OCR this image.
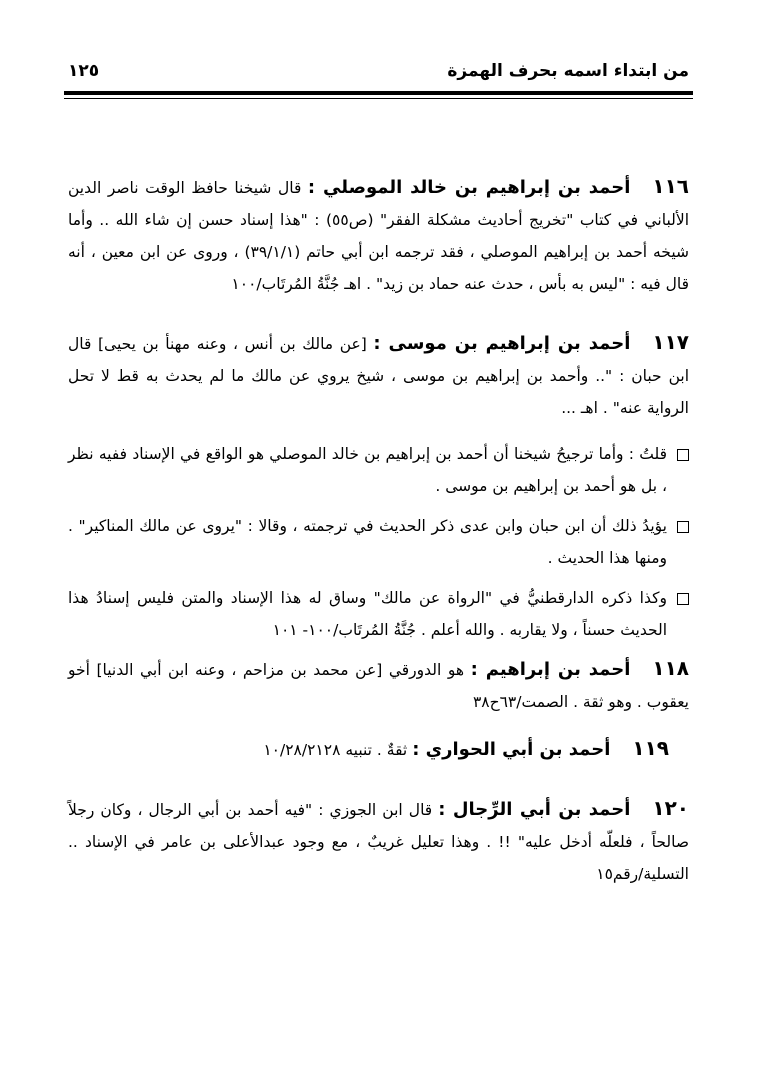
من ابتداء اسمه بحرف الهمزة
١٢٥

١١٦أحمد بن إبراهيم بن خالد الموصلي : قال شيخنا حافظ الوقت ناصر الدين الألباني في كتاب "تخريج أحاديث مشكلة الفقر" (ص٥٥) : "هذا إسناد حسن إن شاء الله .. وأما شيخه أحمد بن إبراهيم الموصلي ، فقد ترجمه ابن أبي حاتم (٣٩/١/١) ، وروى عن ابن معين ، أنه قال فيه : "ليس به بأس ، حدث عنه حماد بن زيد" . اهـ جُنَّةُ المُرتَاب/١٠٠

١١٧أحمد بن إبراهيم بن موسى : [عن مالك بن أنس ، وعنه مهنأ بن يحيى] قال ابن حبان : ".. وأحمد بن إبراهيم بن موسى ، شيخ يروي عن مالك ما لم يحدث به قط لا تحل الرواية عنه" . اهـ ...

قلتُ : وأما ترجيحُ شيخنا أن أحمد بن إبراهيم بن خالد الموصلي هو الواقع في الإسناد ففيه نظر ، بل هو أحمد بن إبراهيم بن موسى .
يؤيدُ ذلك أن ابن حبان وابن عدى ذكر الحديث في ترجمته ، وقالا : "يروى عن مالك المناكير" . ومنها هذا الحديث .
وكذا ذكره الدارقطنيُّ في "الرواة عن مالك" وساق له هذا الإسناد والمتن فليس إسنادُ هذا الحديث حسناً ، ولا يقاربه . والله أعلم . جُنَّةُ المُرتَاب/١٠٠- ١٠١

١١٨أحمد بن إبراهيم : هو الدورقي [عن محمد بن مزاحم ، وعنه ابن أبي الدنيا] أخو يعقوب . وهو ثقة . الصمت/٦٣ح٣٨

١١٩أحمد بن أبي الحواري : ثقةٌ . تنبيه ١٠/٢٨/٢١٢٨

١٢٠أحمد بن أبي الرِّجال : قال ابن الجوزي : "فيه أحمد بن أبي الرجال ، وكان رجلاً صالحاً ، فلعلّه أدخل عليه" !! . وهذا تعليل غريبٌ ، مع وجود عبدالأعلى بن عامر في الإسناد .. التسلية/رقم١٥
